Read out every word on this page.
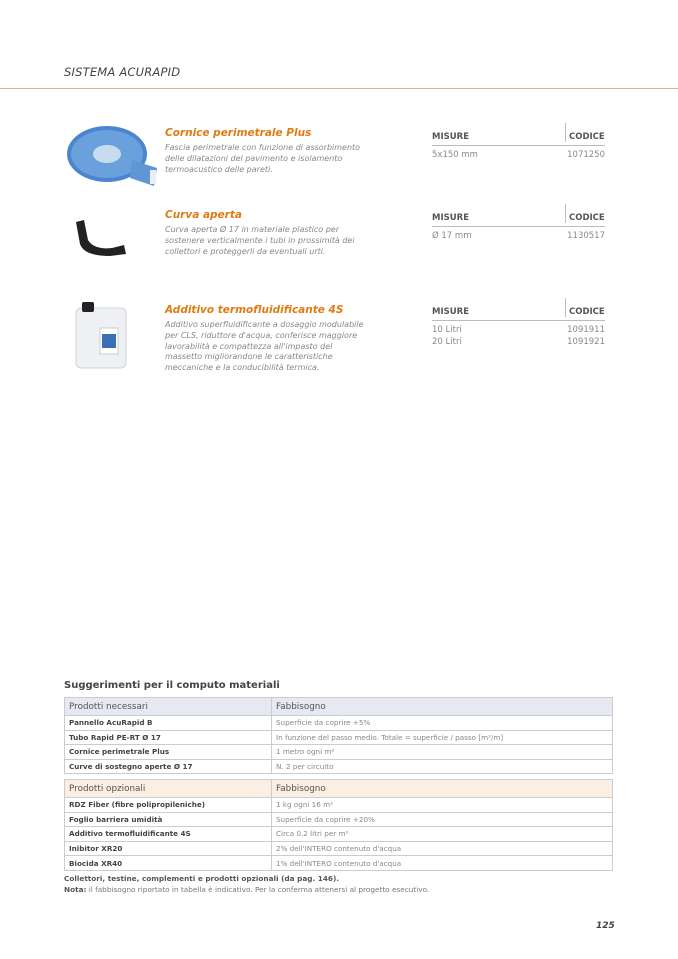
SISTEMA ACURAPID
Cornice perimetrale Plus
Fascia perimetrale con funzione di assorbimento
delle dilatazioni del pavimento e isolamento
termoacustico delle pareti.
MISURE	CODICE
5x150 mm	1071250
Curva aperta
Curva aperta Ø 17 in materiale plastico per
sostenere verticalmente i tubi in prossimità dei
collettori e proteggerli da eventuali urti.
MISURE	CODICE
Ø 17 mm	1130517
Additivo termofluidificante 4S
Additivo superfluidificante a dosaggio modulabile
per CLS, riduttore d'acqua, conferisce maggiore
lavorabilità e compattezza all'impasto del
massetto migliorandone le caratteristiche
meccaniche e la conducibilità termica.
MISURE	CODICE
10 Litri	1091911
20 Litri	1091921
Suggerimenti per il computo materiali
Prodotti necessari	Fabbisogno
Pannello AcuRapid B	Superficie da coprire +5%
Tubo Rapid PE-RT Ø 17	In funzione del passo medio. Totale = superficie / passo [m²/m]
Cornice perimetrale Plus	1 metro ogni m²
Curve di sostegno aperte Ø 17	N. 2 per circuito
Prodotti opzionali	Fabbisogno
RDZ Fiber (fibre polipropileniche)	1 kg ogni 16 m²
Foglio barriera umidità	Superficie da coprire +20%
Additivo termofluidificante 4S	Circa 0.2 litri per m²
Inibitor XR20	2% dell'INTERO contenuto d'acqua
Biocida XR40	1% dell'INTERO contenuto d'acqua
Collettori, testine, complementi e prodotti opzionali (da pag. 146).
Nota: il fabbisogno riportato in tabella è indicativo. Per la conferma attenersi al progetto esecutivo.
125
